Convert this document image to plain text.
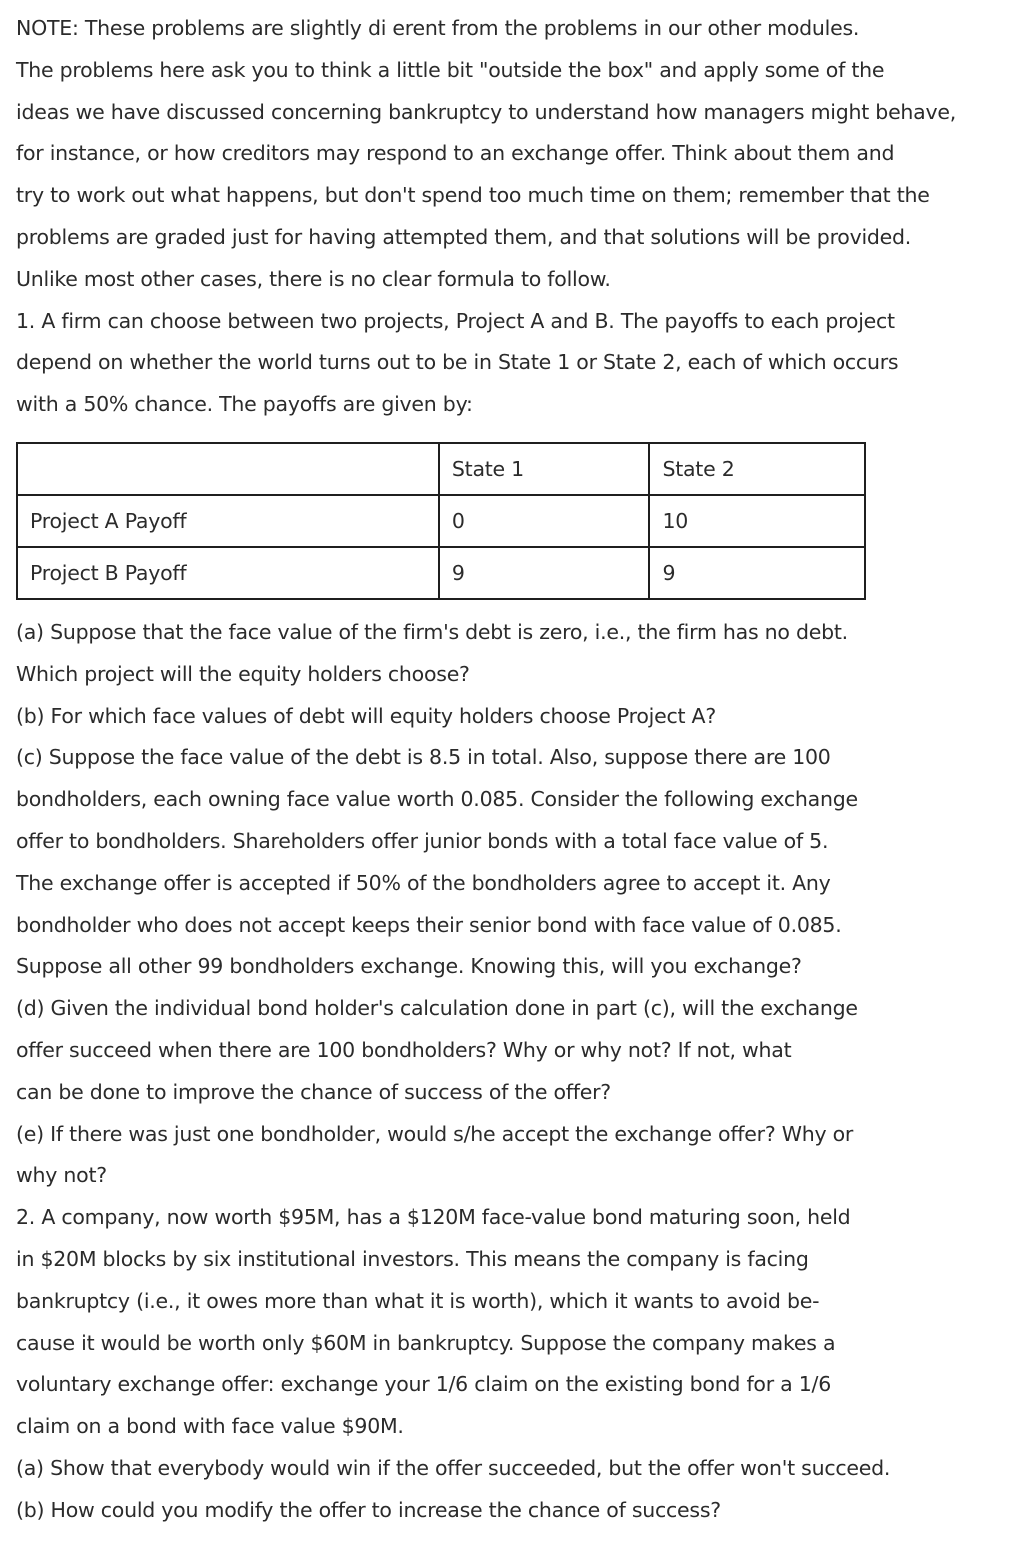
NOTE: These problems are slightly di erent from the problems in our other modules.
The problems here ask you to think a little bit "outside the box" and apply some of the
ideas we have discussed concerning bankruptcy to understand how managers might behave,
for instance, or how creditors may respond to an exchange offer. Think about them and
try to work out what happens, but don't spend too much time on them; remember that the
problems are graded just for having attempted them, and that solutions will be provided.
Unlike most other cases, there is no clear formula to follow.
1. A firm can choose between two projects, Project A and B. The payoffs to each project
depend on whether the world turns out to be in State 1 or State 2, each of which occurs
with a 50% chance. The payoffs are given by:
	State 1	State 2
Project A Payoff	0	10
Project B Payoff	9	9
(a) Suppose that the face value of the firm's debt is zero, i.e., the firm has no debt.
Which project will the equity holders choose?
(b) For which face values of debt will equity holders choose Project A?
(c) Suppose the face value of the debt is 8.5 in total. Also, suppose there are 100
bondholders, each owning face value worth 0.085. Consider the following exchange
offer to bondholders. Shareholders offer junior bonds with a total face value of 5.
The exchange offer is accepted if 50% of the bondholders agree to accept it. Any
bondholder who does not accept keeps their senior bond with face value of 0.085.
Suppose all other 99 bondholders exchange. Knowing this, will you exchange?
(d) Given the individual bond holder's calculation done in part (c), will the exchange
offer succeed when there are 100 bondholders? Why or why not? If not, what
can be done to improve the chance of success of the offer?
(e) If there was just one bondholder, would s/he accept the exchange offer? Why or
why not?
2. A company, now worth $95M, has a $120M face-value bond maturing soon, held
in $20M blocks by six institutional investors. This means the company is facing
bankruptcy (i.e., it owes more than what it is worth), which it wants to avoid be-
cause it would be worth only $60M in bankruptcy. Suppose the company makes a
voluntary exchange offer: exchange your 1/6 claim on the existing bond for a 1/6
claim on a bond with face value $90M.
(a) Show that everybody would win if the offer succeeded, but the offer won't succeed.
(b) How could you modify the offer to increase the chance of success?
